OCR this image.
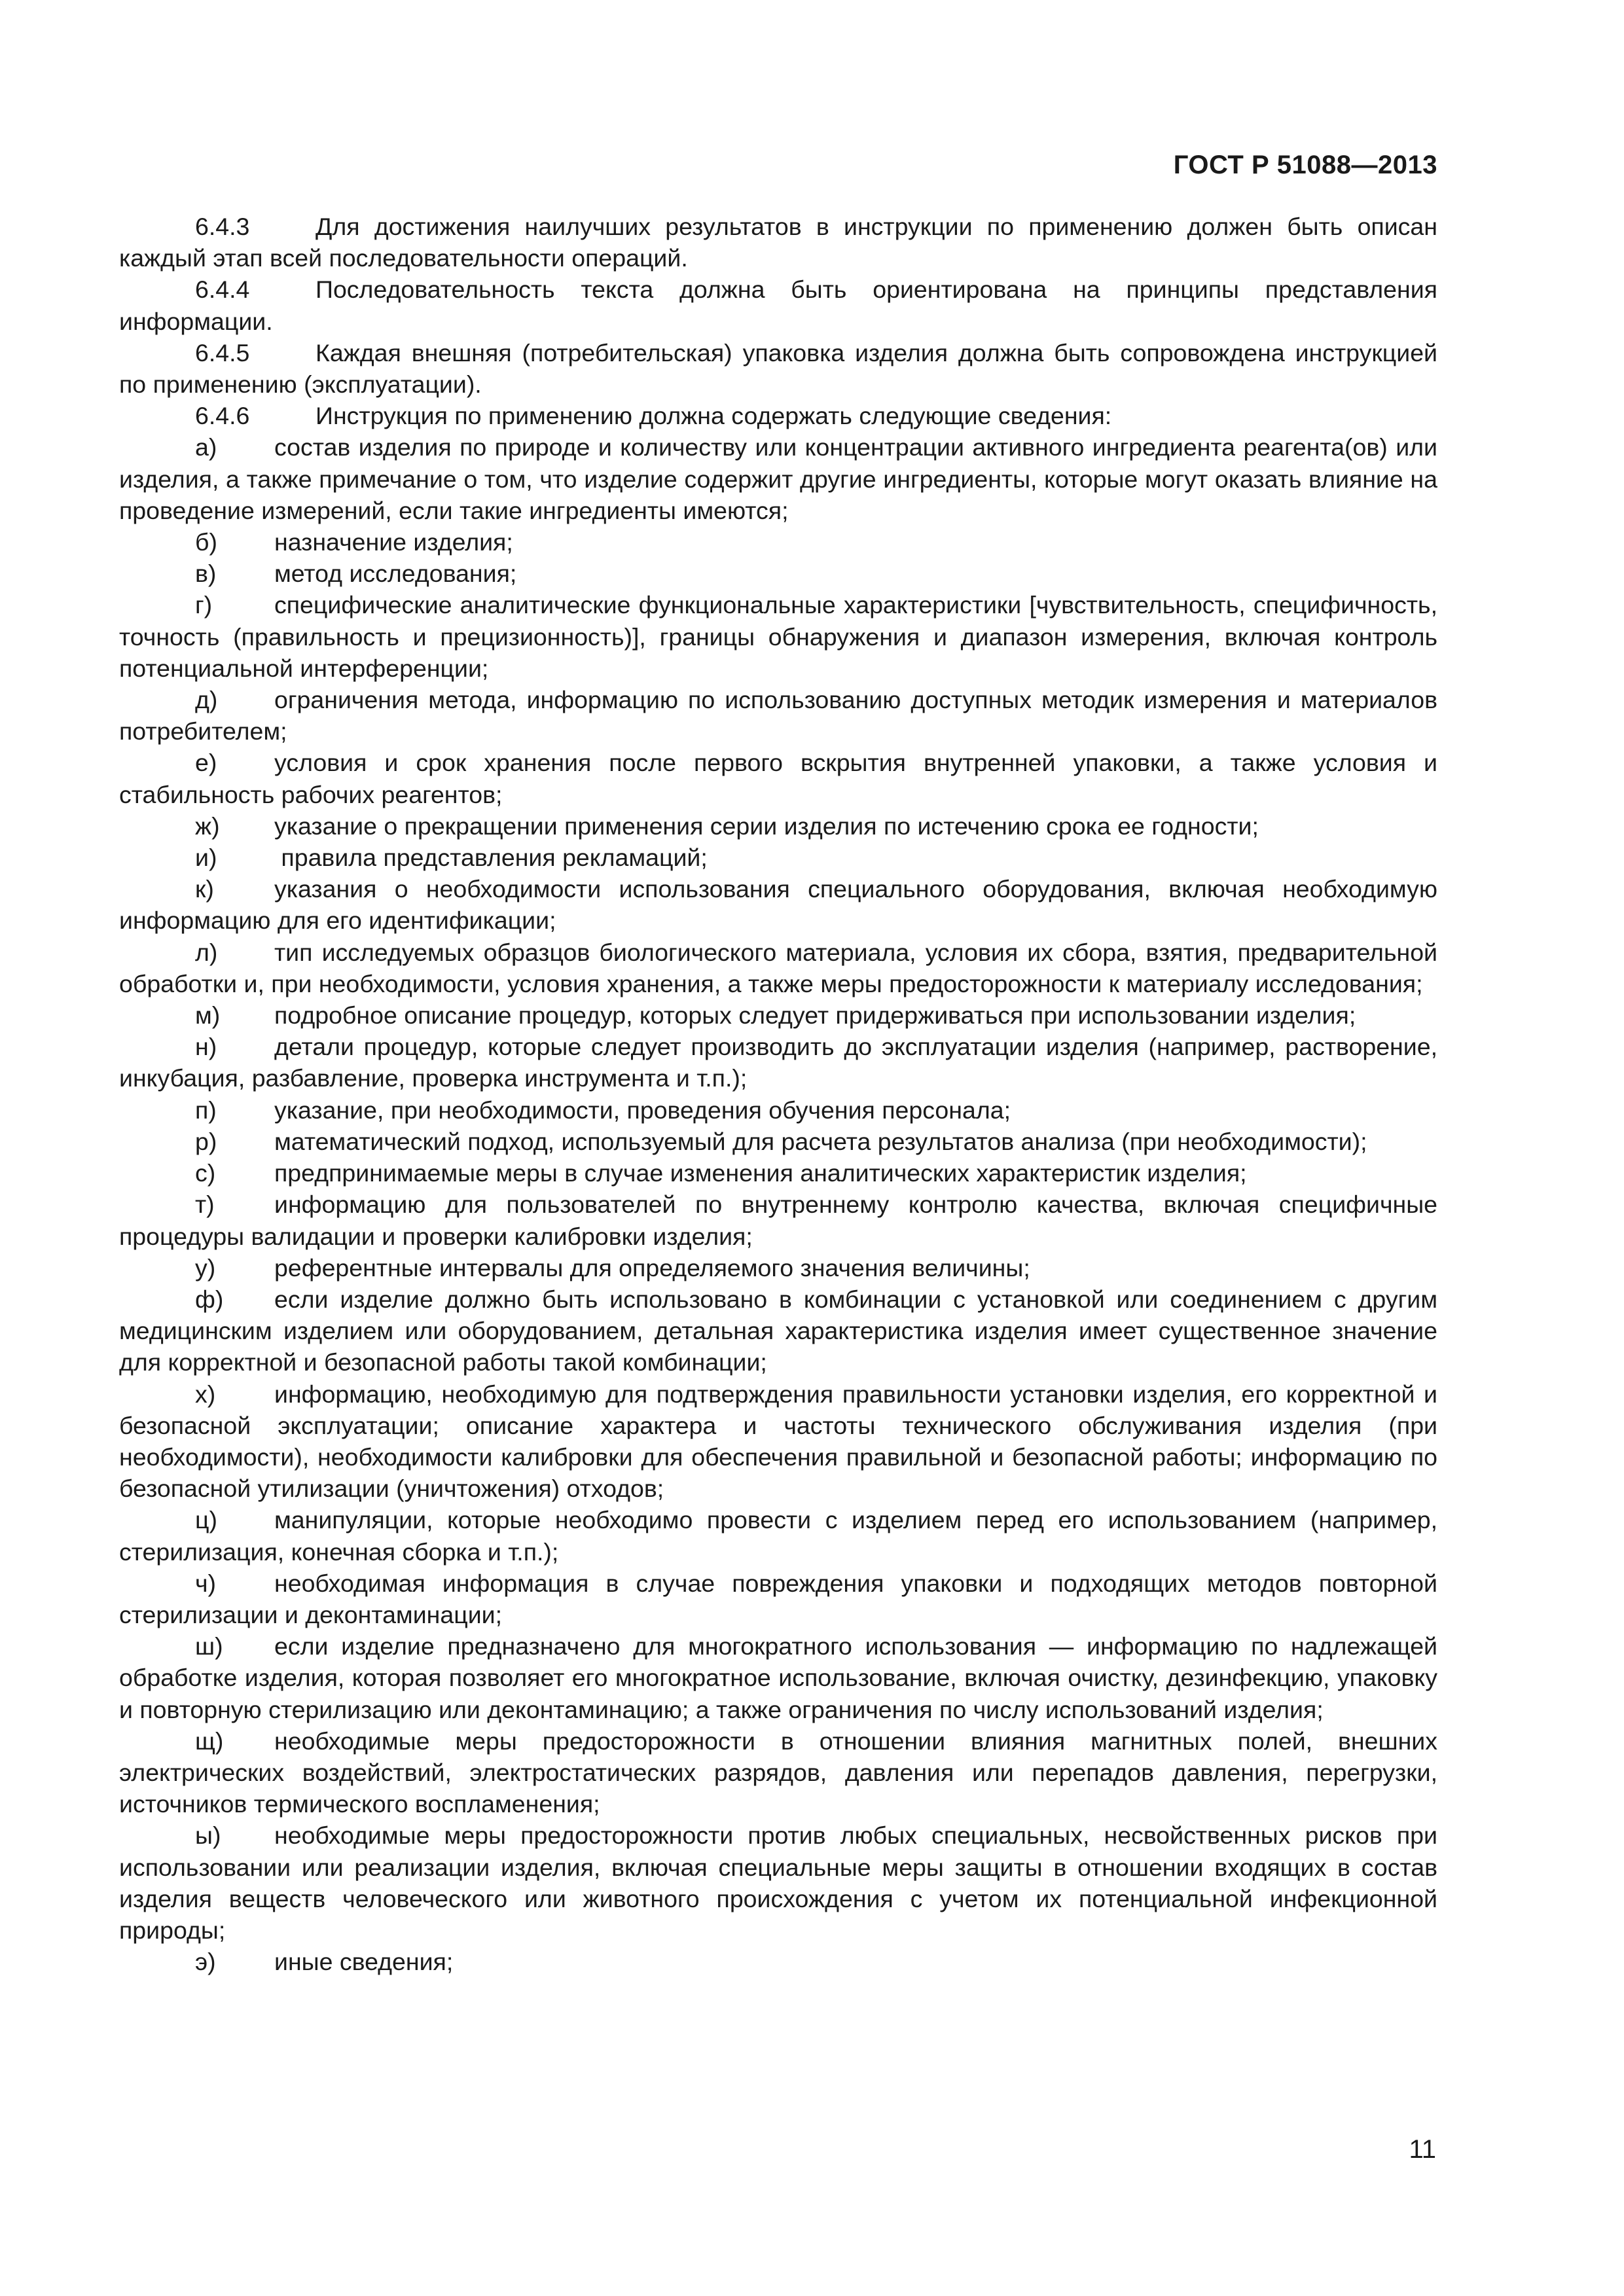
ГОСТ Р 51088—2013

6.4.3	Для достижения наилучших результатов в инструкции по применению должен быть описан каждый этап всей последовательности операций.

6.4.4	Последовательность текста должна быть ориентирована на принципы представления информации.

6.4.5	Каждая внешняя (потребительская) упаковка изделия должна быть сопровождена инструкцией по применению (эксплуатации).

6.4.6	Инструкция по применению должна содержать следующие сведения:

а) состав изделия по природе и количеству или концентрации активного ингредиента реагента(ов) или изделия, а также примечание о том, что изделие содержит другие ингредиенты, которые могут оказать влияние на проведение измерений, если такие ингредиенты имеются;

б) назначение изделия;

в) метод исследования;

г)	специфические аналитические функциональные характеристики [чувствительность, специфичность, точность (правильность и прецизионность)], границы обнаружения и диапазон измерения, включая контроль потенциальной интерференции;

д) ограничения метода, информацию по использованию доступных методик измерения и материалов потребителем;

е) условия и срок хранения после первого вскрытия внутренней упаковки, а также условия и стабильность рабочих реагентов;

ж) указание о прекращении применения серии изделия по истечению срока ее годности;

и) правила представления рекламаций;

к) указания о необходимости использования специального оборудования, включая необходимую информацию для его идентификации;

л) тип исследуемых образцов биологического материала, условия их сбора, взятия, предварительной обработки и, при необходимости, условия хранения, а также меры предосторожности к материалу исследования;

м) подробное описание процедур, которых следует придерживаться при использовании изделия;

н) детали процедур, которые следует производить до эксплуатации изделия (например, растворение, инкубация, разбавление, проверка инструмента и т.п.);

п) указание, при необходимости, проведения обучения персонала;

р) математический подход, используемый для расчета результатов анализа (при необходимости);

с) предпринимаемые меры в случае изменения аналитических характеристик изделия;

т) информацию для пользователей по внутреннему контролю качества, включая специфичные процедуры валидации и проверки калибровки изделия;

у) референтные интервалы для определяемого значения величины;

ф) если изделие должно быть использовано в комбинации с установкой или соединением с другим медицинским изделием или оборудованием, детальная характеристика изделия имеет существенное значение для корректной и безопасной работы такой комбинации;

х) информацию, необходимую для подтверждения правильности установки изделия, его корректной и безопасной эксплуатации; описание характера и частоты технического обслуживания изделия (при необходимости), необходимости калибровки для обеспечения правильной и безопасной работы; информацию по безопасной утилизации (уничтожения) отходов;

ц) манипуляции, которые необходимо провести с изделием перед его использованием (например, стерилизация, конечная сборка и т.п.);

ч) необходимая информация в случае повреждения упаковки и подходящих методов повторной стерилизации и деконтаминации;

ш) если изделие предназначено для многократного использования — информацию по надлежащей обработке изделия, которая позволяет его многократное использование, включая очистку, дезинфекцию, упаковку и повторную стерилизацию или деконтаминацию; а также ограничения по числу использований изделия;

щ) необходимые меры предосторожности в отношении влияния магнитных полей, внешних электрических воздействий, электростатических разрядов, давления или перепадов давления, перегрузки, источников термического воспламенения;

ы) необходимые меры предосторожности против любых специальных, несвойственных рисков при использовании или реализации изделия, включая специальные меры защиты в отношении входящих в состав изделия веществ человеческого или животного происхождения с учетом их потенциальной инфекционной природы;

э) иные сведения;

11
